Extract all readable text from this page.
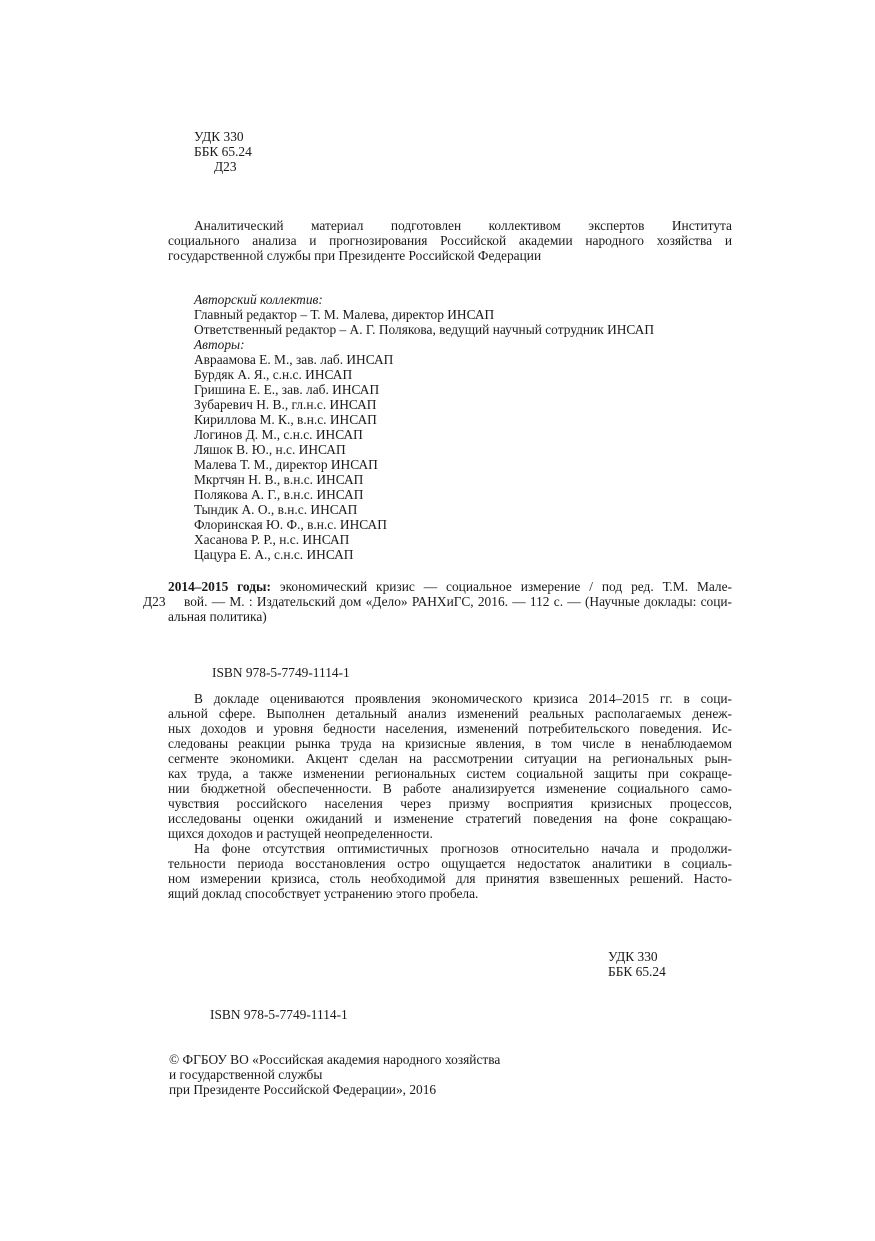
УДК 330
ББК 65.24
Д23
Аналитический материал подготовлен коллективом экспертов Института
социального анализа и прогнозирования Российской академии народного хозяйства и
государственной службы при Президенте Российской Федерации
Авторский коллектив:
Главный редактор – Т. М. Малева, директор ИНСАП
Ответственный редактор – А. Г. Полякова, ведущий научный сотрудник ИНСАП
Авторы:
Авраамова Е. М., зав. лаб. ИНСАП
Бурдяк А. Я., с.н.с. ИНСАП
Гришина Е. Е., зав. лаб. ИНСАП
Зубаревич Н. В., гл.н.с. ИНСАП
Кириллова М. К., в.н.с. ИНСАП
Логинов Д. М., с.н.с. ИНСАП
Ляшок В. Ю., н.с. ИНСАП
Малева Т. М., директор ИНСАП
Мкртчян Н. В., в.н.с. ИНСАП
Полякова А. Г., в.н.с. ИНСАП
Тындик А. О., в.н.с. ИНСАП
Флоринская Ю. Ф., в.н.с. ИНСАП
Хасанова Р. Р., н.с. ИНСАП
Цацура Е. А., с.н.с. ИНСАП
Д23
2014–2015 годы: экономический кризис — социальное измерение / под ред. Т.М. Мале-
вой. — М. : Издательский дом «Дело» РАНХиГС, 2016. — 112 с. — (Научные доклады: соци-
альная политика)
ISBN 978-5-7749-1114-1
В докладе оцениваются проявления экономического кризиса 2014–2015 гг. в соци-
альной сфере. Выполнен детальный анализ изменений реальных располагаемых денеж-
ных доходов и уровня бедности населения, изменений потребительского поведения. Ис-
следованы реакции рынка труда на кризисные явления, в том числе в ненаблюдаемом
сегменте экономики. Акцент сделан на рассмотрении ситуации на региональных рын-
ках труда, а также изменении региональных систем социальной защиты при сокраще-
нии бюджетной обеспеченности. В работе анализируется изменение социального само-
чувствия российского населения через призму восприятия кризисных процессов,
исследованы оценки ожиданий и изменение стратегий поведения на фоне сокращаю-
щихся доходов и растущей неопределенности.
На фоне отсутствия оптимистичных прогнозов относительно начала и продолжи-
тельности периода восстановления остро ощущается недостаток аналитики в социаль-
ном измерении кризиса, столь необходимой для принятия взвешенных решений. Насто-
ящий доклад способствует устранению этого пробела.
УДК 330
ББК 65.24
ISBN 978-5-7749-1114-1
© ФГБОУ ВО «Российская академия народного хозяйства
и государственной службы
при Президенте Российской Федерации», 2016
